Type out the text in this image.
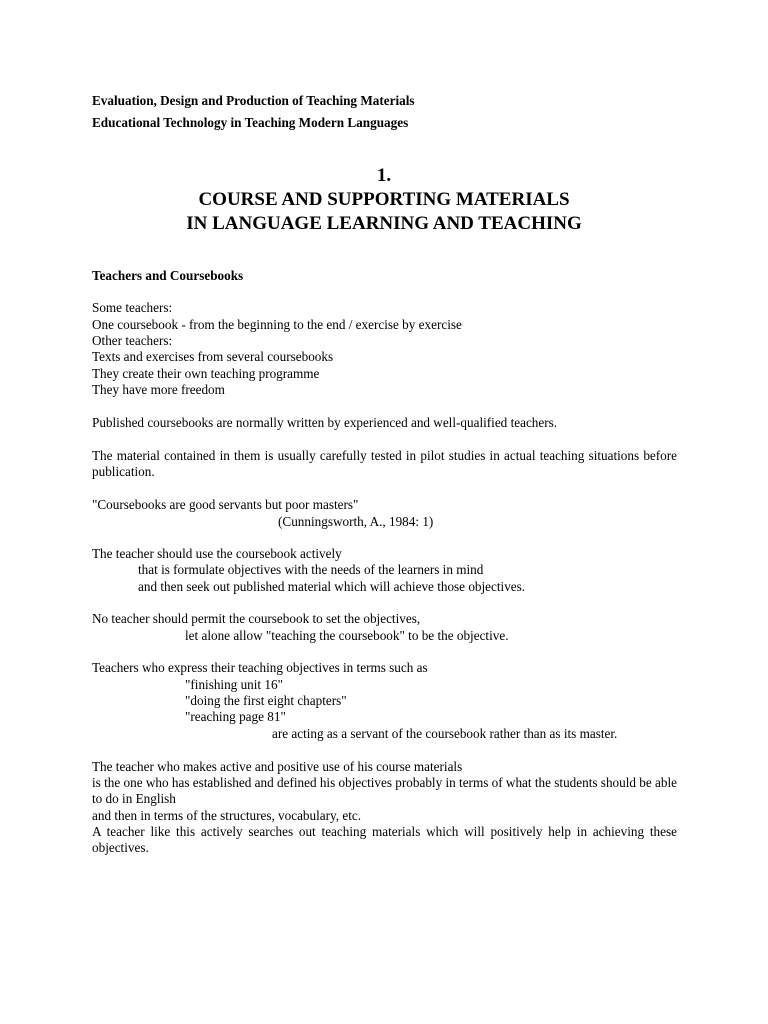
Evaluation, Design and Production of Teaching Materials
Educational Technology in Teaching Modern Languages
1.
COURSE AND SUPPORTING MATERIALS
IN LANGUAGE LEARNING AND TEACHING
Teachers and Coursebooks
Some teachers:
One coursebook - from the beginning to the end / exercise by exercise
Other teachers:
Texts and exercises from several coursebooks
They create their own teaching programme
They have more freedom
Published coursebooks are normally written by experienced and well-qualified teachers.
The material contained in them is usually carefully tested in pilot studies in actual teaching situations before publication.
"Coursebooks are good servants but poor masters"
(Cunningsworth, A., 1984: 1)
The teacher should use the coursebook actively
that is formulate objectives with the needs of the learners in mind
and then seek out published material which will achieve those objectives.
No teacher should permit the coursebook to set the objectives,
let alone allow "teaching the coursebook" to be the objective.
Teachers who express their teaching objectives in terms such as
"finishing unit 16"
"doing the first eight chapters"
"reaching page 81"
are acting as a servant of the coursebook rather than as its master.
The teacher who makes active and positive use of his course materials
is the one who has established and defined his objectives probably in terms of what the students should be able to do in English
and then in terms of the structures, vocabulary, etc.
A teacher like this actively searches out teaching materials which will positively help in achieving these objectives.
